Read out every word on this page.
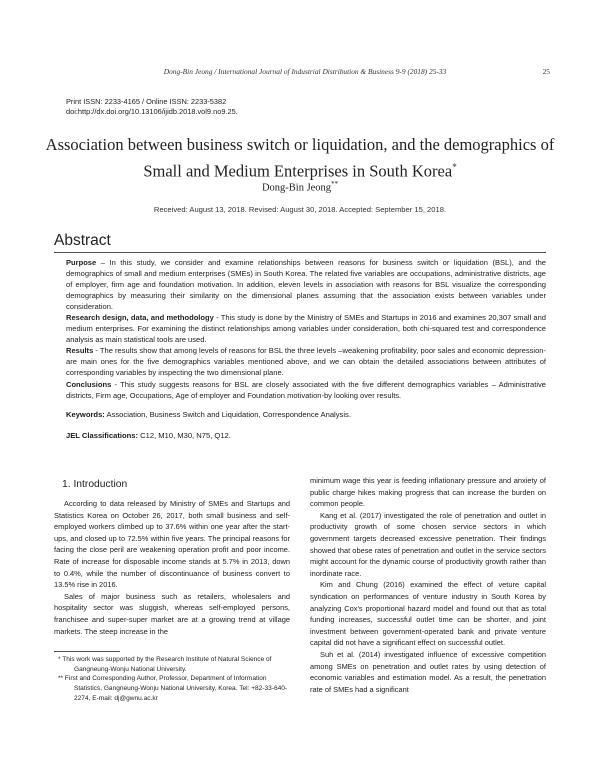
Dong-Bin Jeong / International Journal of Industrial Distribution & Business 9-9 (2018) 25-33	25
Print ISSN: 2233-4165 / Online ISSN: 2233-5382
doi:http://dx.doi.org/10.13106/ijidb.2018.vol9.no9.25.
Association between business switch or liquidation, and the demographics of
Small and Medium Enterprises in South Korea*
Dong-Bin Jeong**
Received: August 13, 2018. Revised: August 30, 2018. Accepted: September 15, 2018.
Abstract

Purpose – In this study, we consider and examine relationships between reasons for business switch or liquidation (BSL), and the demographics of small and medium enterprises (SMEs) in South Korea. The related five variables are occupations, administrative districts, age of employer, firm age and foundation motivation. In addition, eleven levels in association with reasons for BSL visualize the corresponding demographics by measuring their similarity on the dimensional planes assuming that the association exists between variables under consideration.

Research design, data, and methodology - This study is done by the Ministry of SMEs and Startups in 2016 and examines 20,307 small and medium enterprises. For examining the distinct relationships among variables under consideration, both chi-squared test and correspondence analysis as main statistical tools are used.

Results - The results show that among levels of reasons for BSL the three levels –weakening profitability, poor sales and economic depression- are main ones for the five demographics variables mentioned above, and we can obtain the detailed associations between attributes of corresponding variables by inspecting the two dimensional plane.

Conclusions - This study suggests reasons for BSL are closely associated with the five different demographics variables – Administrative districts, Firm age, Occupations, Age of employer and Foundation motivation-by looking over results.

Keywords: Association, Business Switch and Liquidation, Correspondence Analysis.
JEL Classifications: C12, M10, M30, N75, Q12.
1. Introduction

According to data released by Ministry of SMEs and Startups and Statistics Korea on October 26, 2017, both small business and self-employed workers climbed up to 37.6% within one year after the start-ups, and closed up to 72.5% within five years. The principal reasons for facing the close peril are weakening operation profit and poor income. Rate of increase for disposable income stands at 5.7% in 2013, down to 0.4%, while the number of discontinuance of business convert to 13.5% rise in 2016.

Sales of major business such as retailers, wholesalers and hospitality sector was sluggish, whereas self-employed persons, franchisee and super-super market are at a growing trend at village markets. The steep increase in the

minimum wage this year is feeding inflationary pressure and anxiety of public charge hikes making progress that can increase the burden on common people.

Kang et al. (2017) investigated the role of penetration and outlet in productivity growth of some chosen service sectors in which government targets decreased excessive penetration. Their findings showed that obese rates of penetration and outlet in the service sectors might account for the dynamic course of productivity growth rather than inordinate race.

Kim and Chung (2016) examined the effect of veture capital syndication on performances of venture industry in South Korea by analyzing Cox's proportional hazard model and found out that as total funding increases, successful outlet time can be shorter, and joint investment between government-operated bank and private venture capital did not have a significant effect on successful outlet.

Suh et al. (2014) investigated influence of excessive competition among SMEs on penetration and outlet rates by using detection of economic variables and estimation model. As a result, the penetration rate of SMEs had a significant

* This work was supported by the Research Institute of Natural Science of Gangneung-Wonju National University.

** First and Corresponding Author, Professor, Department of Information Statistics, Gangneung-Wonju National University, Korea. Tel: +82-33-640-2274, E-mail: dj@gwnu.ac.kr
